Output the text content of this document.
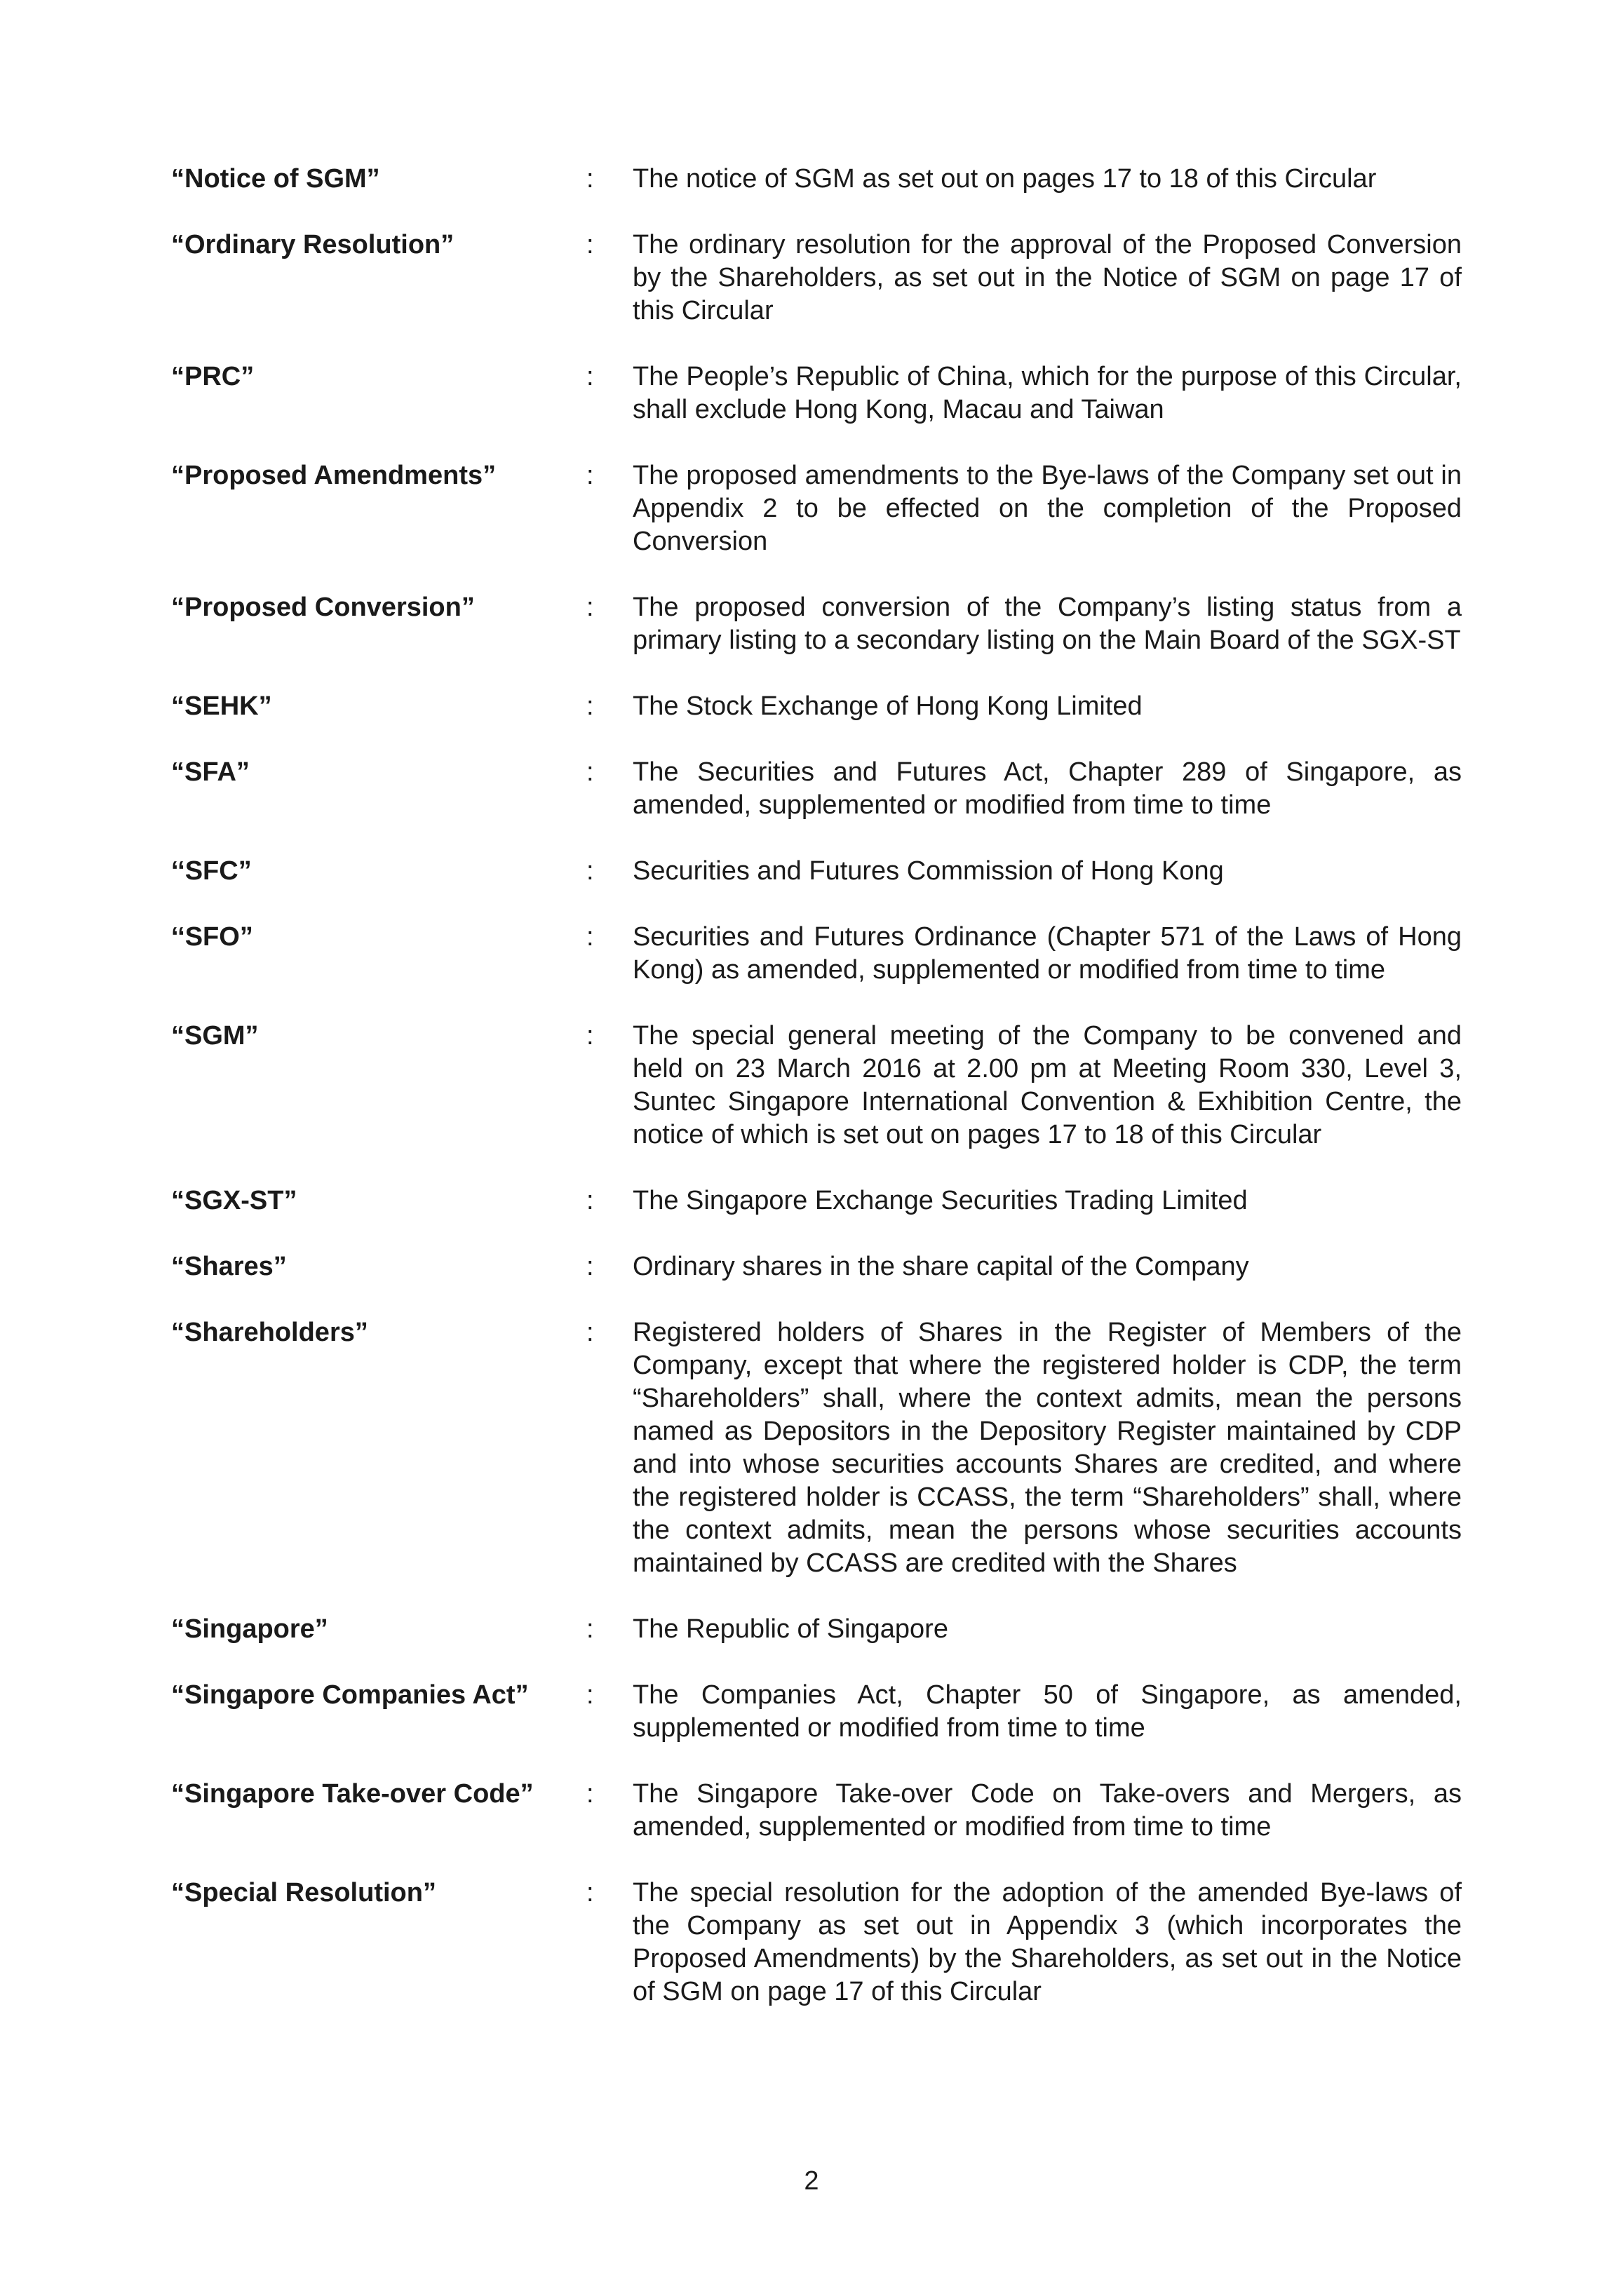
“Notice of SGM”	:	The notice of SGM as set out on pages 17 to 18 of this Circular
“Ordinary Resolution”	:	The ordinary resolution for the approval of the Proposed Conversion by the Shareholders, as set out in the Notice of SGM on page 17 of this Circular
“PRC”	:	The People’s Republic of China, which for the purpose of this Circular, shall exclude Hong Kong, Macau and Taiwan
“Proposed Amendments”	:	The proposed amendments to the Bye-laws of the Company set out in Appendix 2 to be effected on the completion of the Proposed Conversion
“Proposed Conversion”	:	The proposed conversion of the Company’s listing status from a primary listing to a secondary listing on the Main Board of the SGX-ST
“SEHK”	:	The Stock Exchange of Hong Kong Limited
“SFA”	:	The Securities and Futures Act, Chapter 289 of Singapore, as amended, supplemented or modified from time to time
‘‘SFC”	:	Securities and Futures Commission of Hong Kong
‘‘SFO”	:	Securities and Futures Ordinance (Chapter 571 of the Laws of Hong Kong) as amended, supplemented or modified from time to time
“SGM”	:	The special general meeting of the Company to be convened and held on 23 March 2016 at 2.00 pm at Meeting Room 330, Level 3, Suntec Singapore International Convention & Exhibition Centre, the notice of which is set out on pages 17 to 18 of this Circular
“SGX-ST”	:	The Singapore Exchange Securities Trading Limited
“Shares”	:	Ordinary shares in the share capital of the Company
“Shareholders”	:	Registered holders of Shares in the Register of Members of the Company, except that where the registered holder is CDP, the term “Shareholders” shall, where the context admits, mean the persons named as Depositors in the Depository Register maintained by CDP and into whose securities accounts Shares are credited, and where the registered holder is CCASS, the term “Shareholders” shall, where the context admits, mean the persons whose securities accounts maintained by CCASS are credited with the Shares
“Singapore”	:	The Republic of Singapore
“Singapore Companies Act”	:	The Companies Act, Chapter 50 of Singapore, as amended, supplemented or modified from time to time
“Singapore Take-over Code”	:	The Singapore Take-over Code on Take-overs and Mergers, as amended, supplemented or modified from time to time
“Special Resolution”	:	The special resolution for the adoption of the amended Bye-laws of the Company as set out in Appendix 3 (which incorporates the Proposed Amendments) by the Shareholders, as set out in the Notice of SGM on page 17 of this Circular
2
